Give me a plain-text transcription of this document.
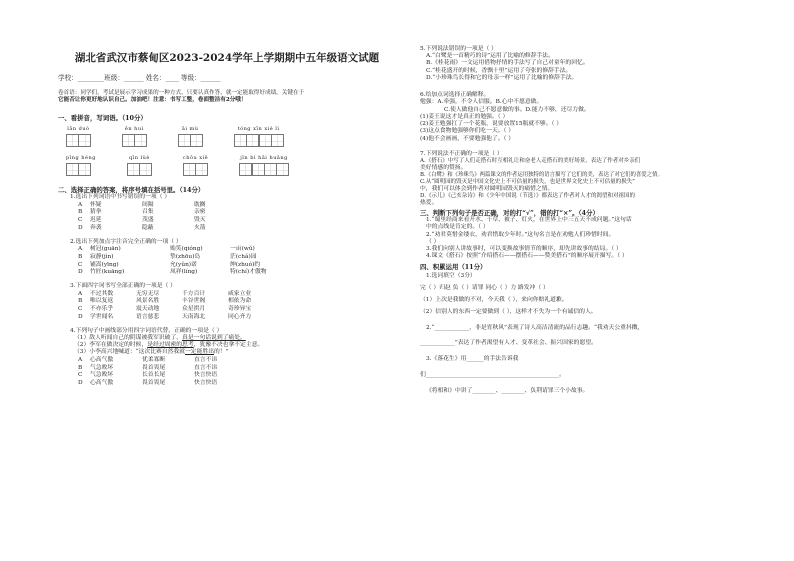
湖北省武汉市蔡甸区2023-2024学年上学期期中五年级语文试题
学校：________班级：______ 姓名：____ 等级：______
卷首语：同学们，考试是展示学习成果的一种方式，只要认真作答，就一定能取得好成绩，关键在于
它能否让你更好地认识自己。加油吧！注意：书写工整，卷面整洁有2分哦！
一、看拼音，写词语。（10分）
lǎn duò
	ēn huì
	āi mù
	tóng xīn xié lì
pīng héng
	qīn lüè
	chōu xiě
	jǐn bì hāi huāng
二、选择正确的答案，将序号填在括号里。（14分）
1.选出下列词语中书写错误的一项（ ）
A	怀疑	间隔	耽搁
B	猜拳	召集	亲密
C	迟延	茂盛	毁灭
D	奔袭	隐蔽	火箭
2.选出下列加点字注音完全正确的一项（ ）
A	树冠(guān)	贻笑(qióng)	一亩(wǔ)
B	寂静(jìn)	挚(zhōu)岛	茫(chǎ)园
C	铺嵩(yīng)	允(yǔn)诺	绅(zhuó)约
D	竹匠(kuāng)	凤祥(líng)	特(chí)才傲物
3.下面四字词书写全部正确的一项是（ ）
A	不过其数	无穷无尽	千方百计	咸家立业
B	唯以复返	风景名胜	丰谷世阁	相依为命
C	不亦乐乎	震天动地	众星拱月	奇珍异宝
D	学世闻名	语言慈悲	天南海北	同心齐力
4.下列句子中画线部分用四字词语代替，正确的一项是（ ）
（1）敌人听闻自己的阴谋被我军识破了，真是一句话说到了痛处。
（2）李军在做决定的时候，是经过周密的思考，犹豫不决也拿不定主意。
（3）小李高兴地喊道：“这次比赛自然我就一定能胜出的！”
A	心高气傲	优柔寡断	直言不讳
B	气急败坏	畏首畏尾	直言不讳
C	气急败坏	长首长尾	快言快语
D	心高气傲	畏首畏尾	快言快语
5.下列说法错误的一项是（ ）
A.“白鹭是一首精巧的诗”运用了比喻的修辞手法。
B.《桂花雨》一文运用借物抒情的手法写了自己对童年的回忆。
C.“桂花盛开的时候，香飘十里”运用了夸张的修辞手法。
D.“小珍珠鸟长得和它的母亲一样”运用了比喻的修辞手法。
6.给加点词选择正确解释。
勉强：A.牵强，不令人信服。B.心中不愿意做。
C.使人做他自己不愿意做的事。D.能力不够，还尽力做。
(1)姜王说这才是真正的勉强。（ ）
(2)姜王勉强扛了一个花瓶，说要放置15瓶就不够。（ ）
(3)这点食物勉强够你们吃一天。（ ）
(4)他不会画画，不要勉强他了。（ ）
7.下列说法不正确的一项是（ ）
A.《搭石》中写了人们走搭石时互相礼让和奋老人走搭石的美好场景，表达了作者对乡亲们
美好情感的赞扬。
B.《白鹭》和《珍珠鸟》两篇课文的作者运用独特的语言描写了它们的美，表达了对它们的喜爱之情。
C.从“圆明园的毁灭是中国文化史上不可估量的损失，也是世界文化史上不可估量的损失”
中，我们可以体会到作者对圆明园毁灭的痛惜之情。
D.《示儿》《己亥杂诗》和《少年中国说（节选）》都表达了作者对人才的渴望和对祖国的
热爱。
三、判断下列句子是否正确，对的打“√”，错的打“×”。（4分）
1.“蜀里经商来看开水、干草、被子、灯火，在世界上中三五天不成问题。”这句话
中的点线是肯定的。（ ）
2.“劝君莫惜金缕衣，劝君惜取少年时。”这句名言是在劝勉人们珍惜时间。
（ ）
3.我们向别人讲故事时，可以变换故事情节的顺序，却先讲故事的结局。（ ）
4.课文《搭石》按照“介绍搭石——摆搭石——赞美搭石”的顺序展开描写。（ ）
四、积累运用（11分）
1.选词填空（3分）
完（ ）归赵 负（ ）请罪 同心（ ）力 路发冲（ ）
（1）上次是我做的不对，今天我（ ），来向你赔礼道歉。
（2）信别人的东西一定要做到（ ），这样才不失为一个有诚信的人。
2.“____________，非是宵秋风”表现了诗人高洁清流的品行志趣。“我劝天公重抖擞，
____________”表达了作者渴望有人才、变革社会、振兴国家的愿望。
3.《落花生》用______的手法告诉我
们______________________________________________。
《将相和》中讲了________、________、负荆请罪三个小故事。
